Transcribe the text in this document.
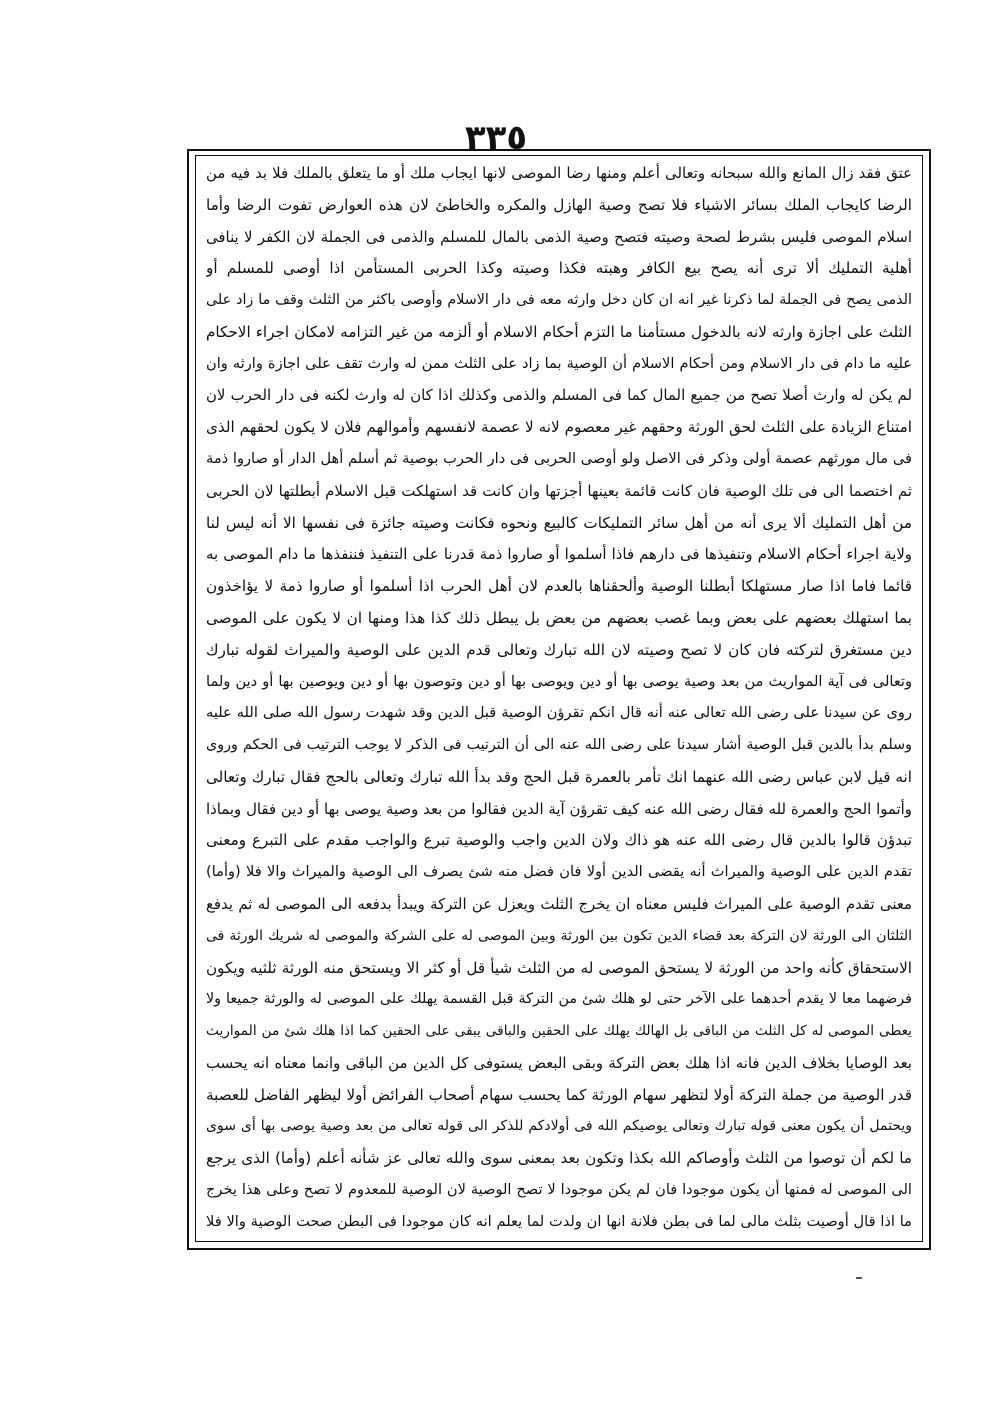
٣٣٥
عتق فقد زال المانع والله سبحانه وتعالى أعلم ومنها رضا الموصى لانها ايجاب ملك أو ما يتعلق بالملك فلا بد فيه من
الرضا كايجاب الملك بسائر الاشياء فلا تصح وصية الهازل والمكره والخاطئ لان هذه العوارض تفوت الرضا وأما
اسلام الموصى فليس بشرط لصحة وصيته فتصح وصية الذمى بالمال للمسلم والذمى فى الجملة لان الكفر لا ينافى
أهلية التمليك ألا ترى أنه يصح بيع الكافر وهبته فكذا وصيته وكذا الحربى المستأمن اذا أوصى للمسلم أو
الذمى يصح فى الجملة لما ذكرنا غير انه ان كان دخل وارثه معه فى دار الاسلام وأوصى باكثر من الثلث وقف ما زاد على
الثلث على اجازة وارثه لانه بالدخول مستأمنا ما التزم أحكام الاسلام أو ألزمه من غير التزامه لامكان اجراء الاحكام
عليه ما دام فى دار الاسلام ومن أحكام الاسلام أن الوصية بما زاد على الثلث ممن له وارث تقف على اجازة وارثه وان
لم يكن له وارث أصلا تصح من جميع المال كما فى المسلم والذمى وكذلك اذا كان له وارث لكنه فى دار الحرب لان
امتناع الزيادة على الثلث لحق الورثة وحقهم غير معصوم لانه لا عصمة لانفسهم وأموالهم فلان لا يكون لحقهم الذى
فى مال مورثهم عصمة أولى وذكر فى الاصل ولو أوصى الحربى فى دار الحرب بوصية ثم أسلم أهل الدار أو صاروا ذمة
ثم اختصما الى فى تلك الوصية فان كانت قائمة بعينها أجزتها وان كانت قد استهلكت قبل الاسلام أبطلتها لان الحربى
من أهل التمليك ألا يرى أنه من أهل سائر التمليكات كالبيع ونحوه فكانت وصيته جائزة فى نفسها الا أنه ليس لنا
ولاية اجراء أحكام الاسلام وتنفيذها فى دارهم فاذا أسلموا أو صاروا ذمة قدرنا على التنفيذ فننفذها ما دام الموصى به
قائما فاما اذا صار مستهلكا أبطلنا الوصية وألحقناها بالعدم لان أهل الحرب اذا أسلموا أو صاروا ذمة لا يؤاخذون
بما استهلك بعضهم على بعض وبما غصب بعضهم من بعض بل يبطل ذلك كذا هذا ومنها ان لا يكون على الموصى
دين مستغرق لتركته فان كان لا تصح وصيته لان الله تبارك وتعالى قدم الدين على الوصية والميراث لقوله تبارك
وتعالى فى آية المواريث من بعد وصية يوصى بها أو دين ويوصى بها أو دين وتوصون بها أو دين ويوصين بها أو دين ولما
روى عن سيدنا على رضى الله تعالى عنه أنه قال انكم تقرؤن الوصية قبل الدين وقد شهدت رسول الله صلى الله عليه
وسلم بدأ بالدين قبل الوصية أشار سيدنا على رضى الله عنه الى أن الترتيب فى الذكر لا يوجب الترتيب فى الحكم وروى
انه قيل لابن عباس رضى الله عنهما انك تأمر بالعمرة قبل الحج وقد بدأ الله تبارك وتعالى بالحج فقال تبارك وتعالى
وأتموا الحج والعمرة لله فقال رضى الله عنه كيف تقرؤن آية الدين فقالوا من بعد وصية يوصى بها أو دين فقال وبماذا
تبدؤن قالوا بالدين قال رضى الله عنه هو ذاك ولان الدين واجب والوصية تبرع والواجب مقدم على التبرع ومعنى
تقدم الدين على الوصية والميراث أنه يقضى الدين أولا فان فضل منه شئ يصرف الى الوصية والميراث والا فلا (وأما)
معنى تقدم الوصية على الميراث فليس معناه ان يخرج الثلث ويعزل عن التركة ويبدأ بدفعه الى الموصى له ثم يدفع
الثلثان الى الورثة لان التركة بعد قضاء الدين تكون بين الورثة وبين الموصى له على الشركة والموصى له شريك الورثة فى
الاستحقاق كأنه واحد من الورثة لا يستحق الموصى له من الثلث شيأ قل أو كثر الا ويستحق منه الورثة ثلثيه ويكون
فرضهما معا لا يقدم أحدهما على الآخر حتى لو هلك شئ من التركة قبل القسمة يهلك على الموصى له والورثة جميعا ولا
يعطى الموصى له كل الثلث من الباقى بل الهالك يهلك على الحقين والباقى يبقى على الحقين كما اذا هلك شئ من المواريث
بعد الوصايا بخلاف الدين فانه اذا هلك بعض التركة وبقى البعض يستوفى كل الدين من الباقى وانما معناه انه يحسب
قدر الوصية من جملة التركة أولا لتظهر سهام الورثة كما يحسب سهام أصحاب الفرائض أولا ليظهر الفاضل للعصبة
ويحتمل أن يكون معنى قوله تبارك وتعالى يوصيكم الله فى أولادكم للذكر الى قوله تعالى من بعد وصية يوصى بها أى سوى
ما لكم أن توصوا من الثلث وأوصاكم الله بكذا وتكون بعد بمعنى سوى والله تعالى عز شأنه أعلم (وأما) الذى يرجع
الى الموصى له فمنها أن يكون موجودا فان لم يكن موجودا لا تصح الوصية لان الوصية للمعدوم لا تصح وعلى هذا يخرج
ما اذا قال أوصيت بثلث مالى لما فى بطن فلانة انها ان ولدت لما يعلم انه كان موجودا فى البطن صحت الوصية والا فلا
